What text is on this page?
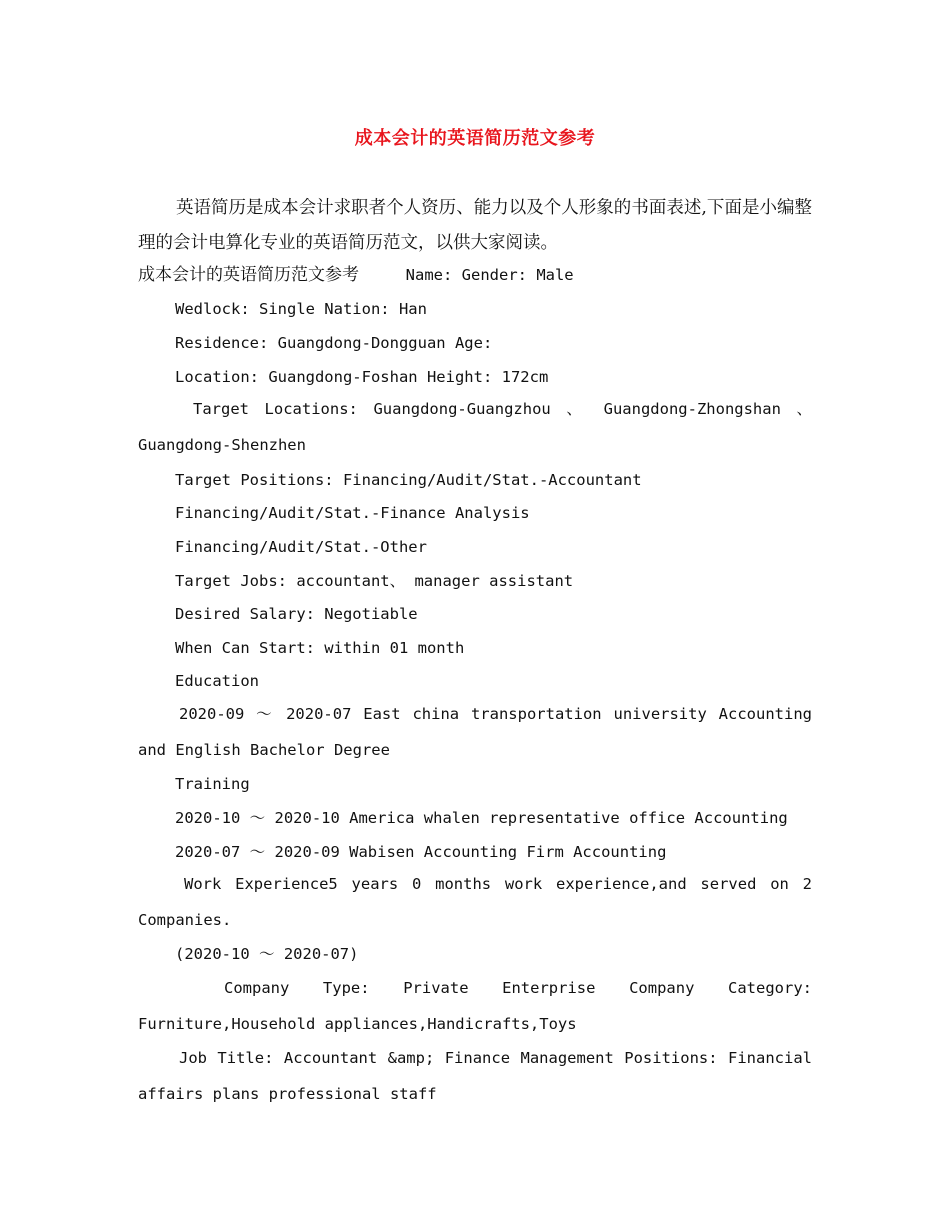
成本会计的英语简历范文参考
英语简历是成本会计求职者个人资历、能力以及个人形象的书面表述,下面是小编整理的会计电算化专业的英语简历范文，以供大家阅读。
成本会计的英语简历范文参考	Name: Gender: Male
Wedlock: Single Nation: Han
Residence: Guangdong-Dongguan Age:
Location: Guangdong-Foshan Height: 172cm
Target Locations: Guangdong-Guangzhou 、 Guangdong-Zhongshan 、
Guangdong-Shenzhen
Target Positions: Financing/Audit/Stat.-Accountant
Financing/Audit/Stat.-Finance Analysis
Financing/Audit/Stat.-Other
Target Jobs: accountant、 manager assistant
Desired Salary: Negotiable
When Can Start: within 01 month
Education
2020-09 ～ 2020-07 East china transportation university Accounting
and English Bachelor Degree
Training
2020-10 ～ 2020-10 America whalen representative office Accounting
2020-07 ～ 2020-09 Wabisen Accounting Firm Accounting
Work Experience5 years 0 months work experience,and served on 2
Companies.
(2020-10 ～ 2020-07)
Company Type: Private Enterprise Company Category:
Furniture,Household appliances,Handicrafts,Toys
Job Title: Accountant &amp; Finance Management Positions: Financial
affairs plans professional staff
